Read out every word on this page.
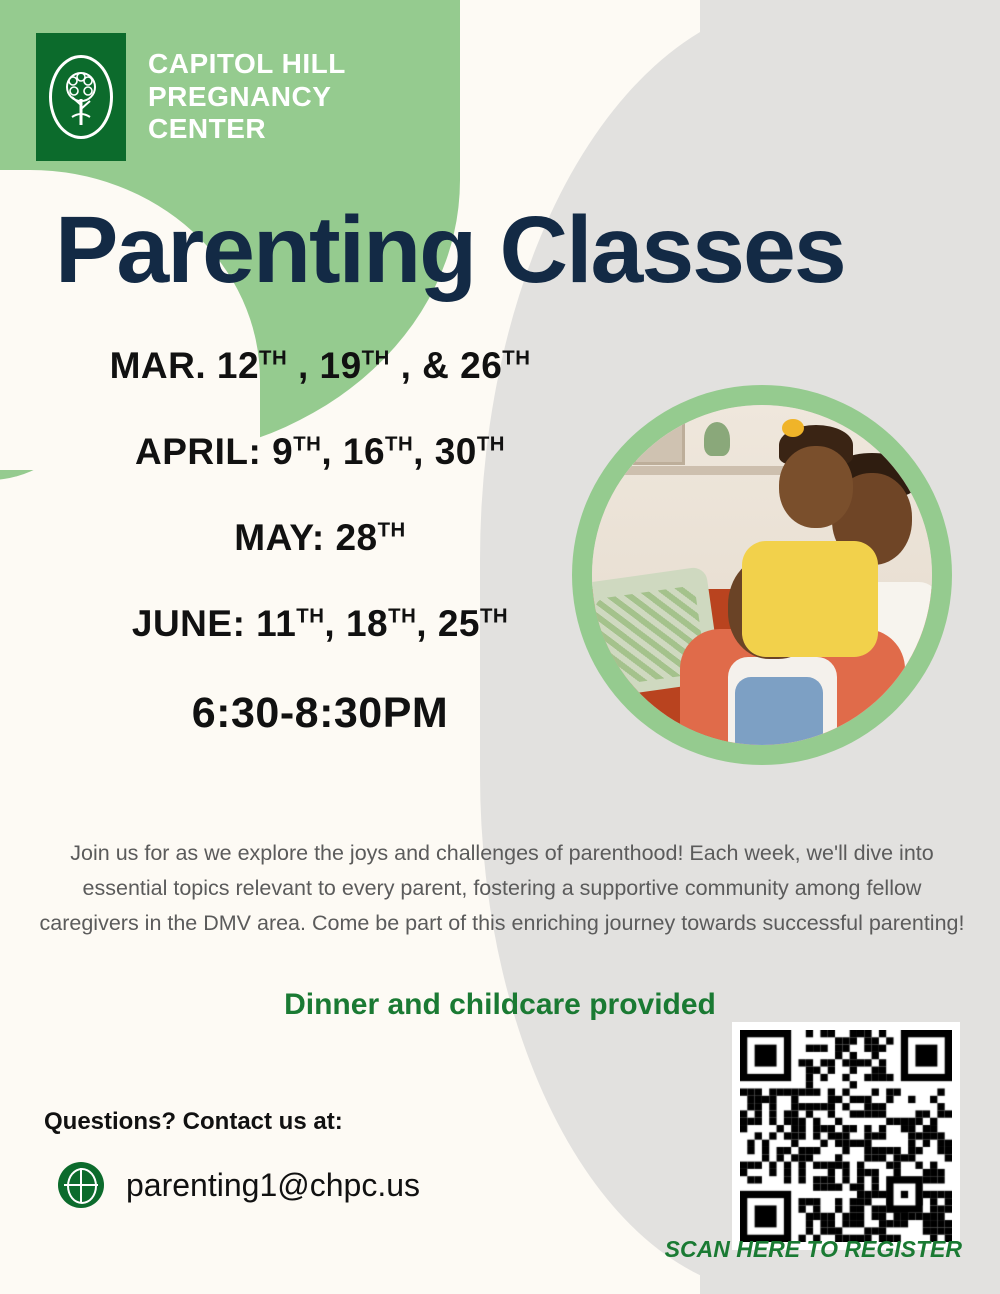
CAPITOL HILL
PREGNANCY
CENTER
Parenting Classes
MAR. 12TH , 19TH , & 26TH
APRIL: 9TH, 16TH, 30TH
MAY: 28TH
JUNE: 11TH, 18TH, 25TH
6:30-8:30PM
Join us for as we explore the joys and challenges of parenthood! Each week, we'll dive into essential topics relevant to every parent, fostering a supportive community among fellow caregivers in the DMV area. Come be part of this enriching journey towards successful parenting!
Dinner and childcare provided
Questions? Contact us at:
parenting1@chpc.us
SCAN HERE TO REGISTER
